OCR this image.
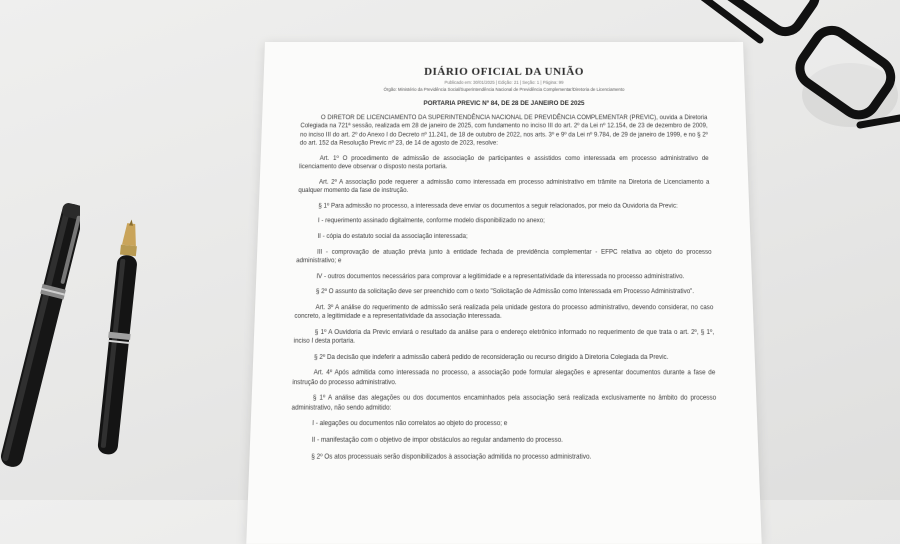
DIÁRIO OFICIAL DA UNIÃO
Publicado em: 30/01/2025 | Edição: 21 | Seção: 1 | Página: 99
Órgão: Ministério da Previdência Social/Superintendência Nacional de Previdência Complementar/Diretoria de Licenciamento
PORTARIA PREVIC Nº 84, DE 28 DE JANEIRO DE 2025

O DIRETOR DE LICENCIAMENTO DA SUPERINTENDÊNCIA NACIONAL DE PREVIDÊNCIA COMPLEMENTAR (PREVIC), ouvida a Diretoria Colegiada na 721ª sessão, realizada em 28 de janeiro de 2025, com fundamento no inciso III do art. 2º da Lei nº 12.154, de 23 de dezembro de 2009, no inciso III do art. 2º do Anexo I do Decreto nº 11.241, de 18 de outubro de 2022, nos arts. 3º e 9º da Lei nº 9.784, de 29 de janeiro de 1999, e no § 2º do art. 152 da Resolução Previc nº 23, de 14 de agosto de 2023, resolve:

Art. 1º O procedimento de admissão de associação de participantes e assistidos como interessada em processo administrativo de licenciamento deve observar o disposto nesta portaria.

Art. 2º A associação pode requerer a admissão como interessada em processo administrativo em trâmite na Diretoria de Licenciamento a qualquer momento da fase de instrução.

§ 1º Para admissão no processo, a interessada deve enviar os documentos a seguir relacionados, por meio da Ouvidoria da Previc:

I - requerimento assinado digitalmente, conforme modelo disponibilizado no anexo;

II - cópia do estatuto social da associação interessada;

III - comprovação de atuação prévia junto à entidade fechada de previdência complementar - EFPC relativa ao objeto do processo administrativo; e

IV - outros documentos necessários para comprovar a legitimidade e a representatividade da interessada no processo administrativo.

§ 2º O assunto da solicitação deve ser preenchido com o texto "Solicitação de Admissão como Interessada em Processo Administrativo".

Art. 3º A análise do requerimento de admissão será realizada pela unidade gestora do processo administrativo, devendo considerar, no caso concreto, a legitimidade e a representatividade da associação interessada.

§ 1º A Ouvidoria da Previc enviará o resultado da análise para o endereço eletrônico informado no requerimento de que trata o art. 2º, § 1º, inciso I desta portaria.

§ 2º Da decisão que indeferir a admissão caberá pedido de reconsideração ou recurso dirigido à Diretoria Colegiada da Previc.

Art. 4º Após admitida como interessada no processo, a associação pode formular alegações e apresentar documentos durante a fase de instrução do processo administrativo.

§ 1º A análise das alegações ou dos documentos encaminhados pela associação será realizada exclusivamente no âmbito do processo administrativo, não sendo admitido:

I - alegações ou documentos não correlatos ao objeto do processo; e

II - manifestação com o objetivo de impor obstáculos ao regular andamento do processo.

§ 2º Os atos processuais serão disponibilizados à associação admitida no processo administrativo.
